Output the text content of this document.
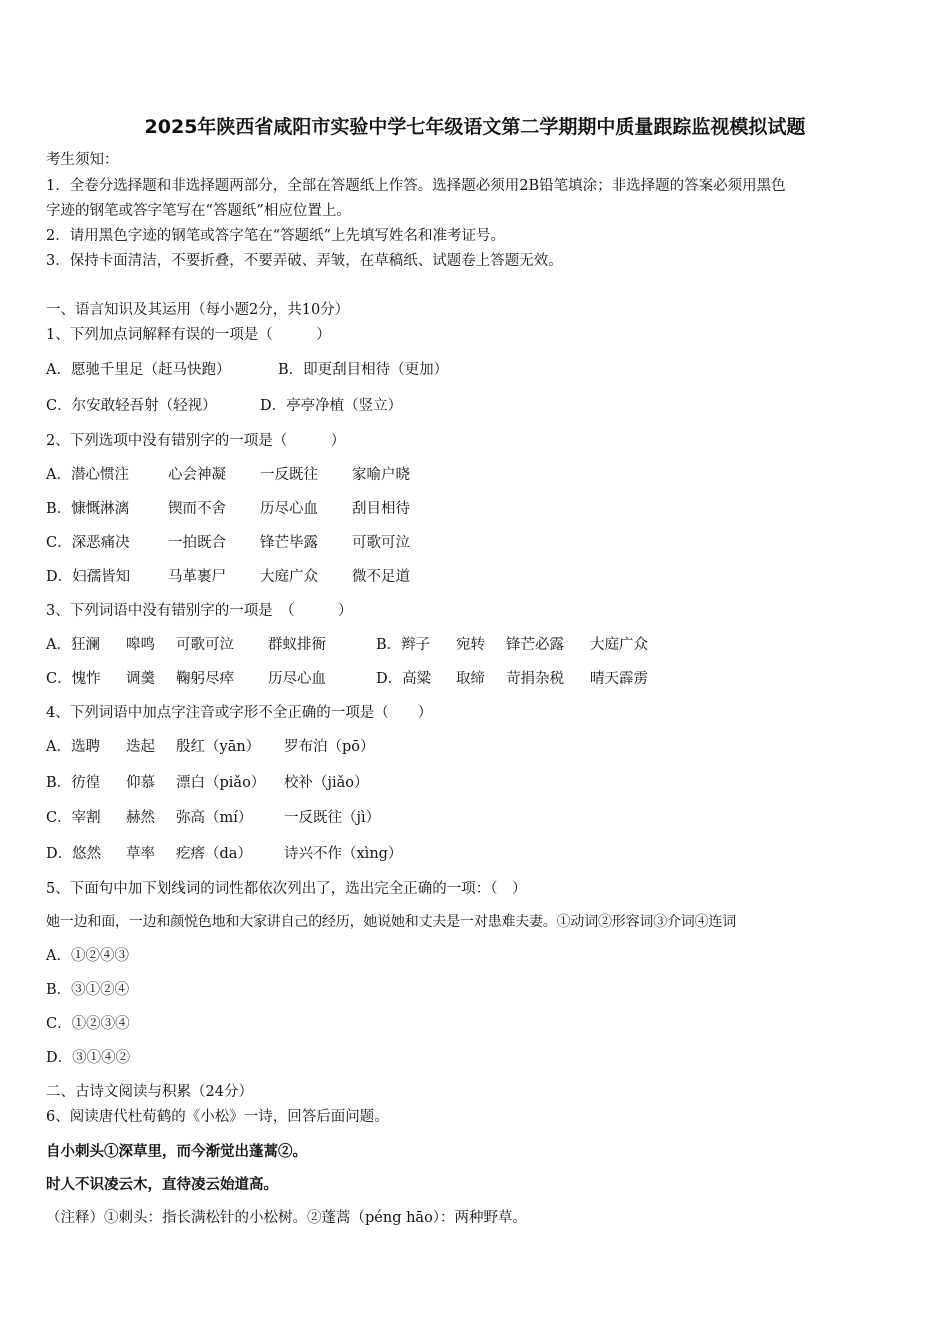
2025年陕西省咸阳市实验中学七年级语文第二学期期中质量跟踪监视模拟试题
考生须知：
1．全卷分选择题和非选择题两部分，全部在答题纸上作答。选择题必须用2B铅笔填涂；非选择题的答案必须用黑色
字迹的钢笔或答字笔写在“答题纸”相应位置上。
2．请用黑色字迹的钢笔或答字笔在“答题纸”上先填写姓名和准考证号。
3．保持卡面清洁，不要折叠，不要弄破、弄皱，在草稿纸、试题卷上答题无效。
一、语言知识及其运用（每小题2分，共10分）
1、下列加点词解释有误的一项是（　　　）
A．愿驰千里足（赶马快跑）	B．即更刮目相待（更加）
C．尔安敢轻吾射（轻视）	D．亭亭净植（竖立）
2、下列选项中没有错别字的一项是（　　　）
A．潜心惯注	心会神凝 一反既往 家喻户晓
B．慷慨淋漓	锲而不舍 历尽心血 刮目相待
C．深恶痛决	一拍既合 锋芒毕露 可歌可泣
D．妇孺皆知	马革裹尸 大庭广众 微不足道
3、下列词语中没有错别字的一项是　（　　　）
A．狂澜 嗥鸣 可歌可泣 群蚁排衙	B．辫子 宛转 锋芒必露 大庭广众
C．愧怍 调羹 鞠躬尽瘁 历尽心血	D．高粱 取缔 苛捐杂税 晴天霹雳
4、下列词语中加点字注音或字形不全正确的一项是（　　）
A．选聘 迭起 殷红（yān） 罗布泊（pō）
B．彷徨 仰慕 漂白（piǎo） 校补（jiǎo）
C．宰割 赫然 弥高（mí） 一反既往（jì）
D．悠然 草率 疙瘩（da） 诗兴不作（xìng）
5、下面句中加下划线词的词性都依次列出了，选出完全正确的一项：（　）
她一边和面，一边和颜悦色地和大家讲自己的经历，她说她和丈夫是一对患难夫妻。①动词②形容词③介词④连词
A．①②④③
B．③①②④
C．①②③④
D．③①④②
二、古诗文阅读与积累（24分）
6、阅读唐代杜荀鹤的《小松》一诗，回答后面问题。
自小刺头①深草里，而今渐觉出蓬蒿②。
时人不识凌云木，直待凌云始道高。
（注释）①刺头：指长满松针的小松树。②蓬蒿（péng hāo）：两种野草。
